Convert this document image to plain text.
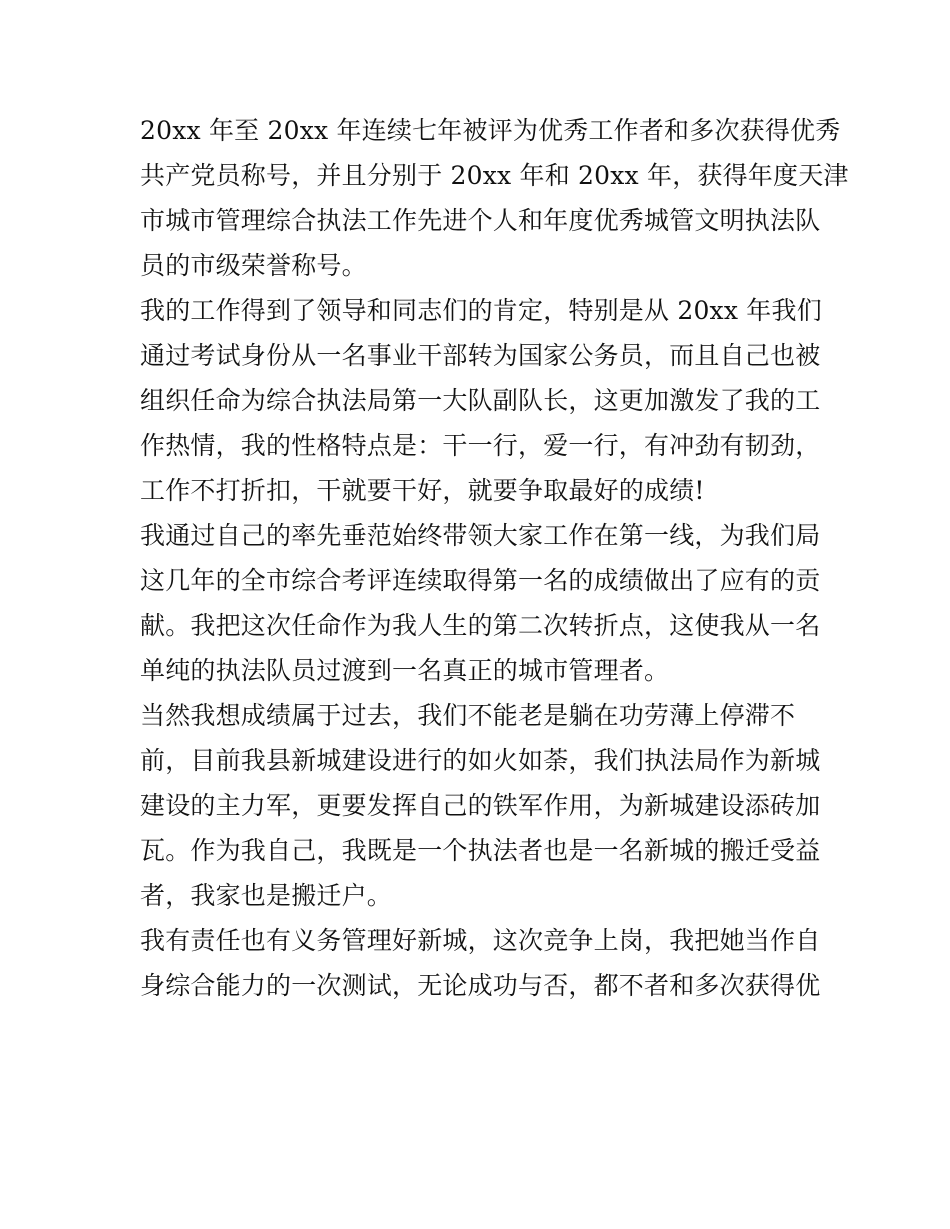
20xx 年至 20xx 年连续七年被评为优秀工作者和多次获得优秀
共产党员称号，并且分别于 20xx 年和 20xx 年，获得年度天津
市城市管理综合执法工作先进个人和年度优秀城管文明执法队
员的市级荣誉称号。
我的工作得到了领导和同志们的肯定，特别是从 20xx 年我们
通过考试身份从一名事业干部转为国家公务员，而且自己也被
组织任命为综合执法局第一大队副队长，这更加激发了我的工
作热情，我的性格特点是：干一行，爱一行，有冲劲有韧劲，
工作不打折扣，干就要干好，就要争取最好的成绩!
我通过自己的率先垂范始终带领大家工作在第一线，为我们局
这几年的全市综合考评连续取得第一名的成绩做出了应有的贡
献。我把这次任命作为我人生的第二次转折点，这使我从一名
单纯的执法队员过渡到一名真正的城市管理者。
当然我想成绩属于过去，我们不能老是躺在功劳薄上停滞不
前，目前我县新城建设进行的如火如荼，我们执法局作为新城
建设的主力军，更要发挥自己的铁军作用，为新城建设添砖加
瓦。作为我自己，我既是一个执法者也是一名新城的搬迁受益
者，我家也是搬迁户。
我有责任也有义务管理好新城，这次竞争上岗，我把她当作自
身综合能力的一次测试，无论成功与否，都不者和多次获得优
